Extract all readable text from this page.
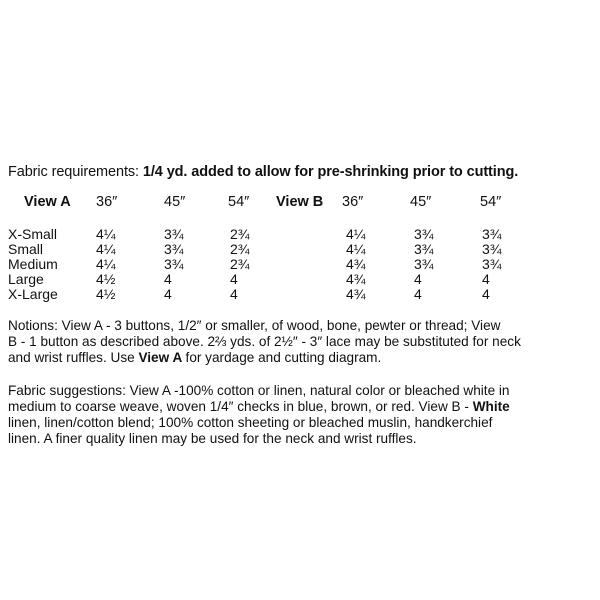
Fabric requirements: 1/4 yd. added to allow for pre-shrinking prior to cutting.
View A 36″	45″	54″ View B 36″	45″	54″
X-Small	4¼	3¾	2¾	4¼	3¾	3¾
Small	4¼	3¾	2¾	4¼	3¾	3¾
Medium	4¼	3¾	2¾	4¾	3¾	3¾
Large	4½	4	4	4¾	4	4
X-Large	4½	4	4	4¾	4	4
Notions: View A - 3 buttons, 1/2″ or smaller, of wood, bone, pewter or thread; View
B - 1 button as described above. 2⅔ yds. of 2½″ - 3″ lace may be substituted for neck
and wrist ruffles. Use View A for yardage and cutting diagram.
Fabric suggestions: View A -100% cotton or linen, natural color or bleached white in
medium to coarse weave, woven 1/4″ checks in blue, brown, or red. View B - White
linen, linen/cotton blend; 100% cotton sheeting or bleached muslin, handkerchief
linen. A finer quality linen may be used for the neck and wrist ruffles.
